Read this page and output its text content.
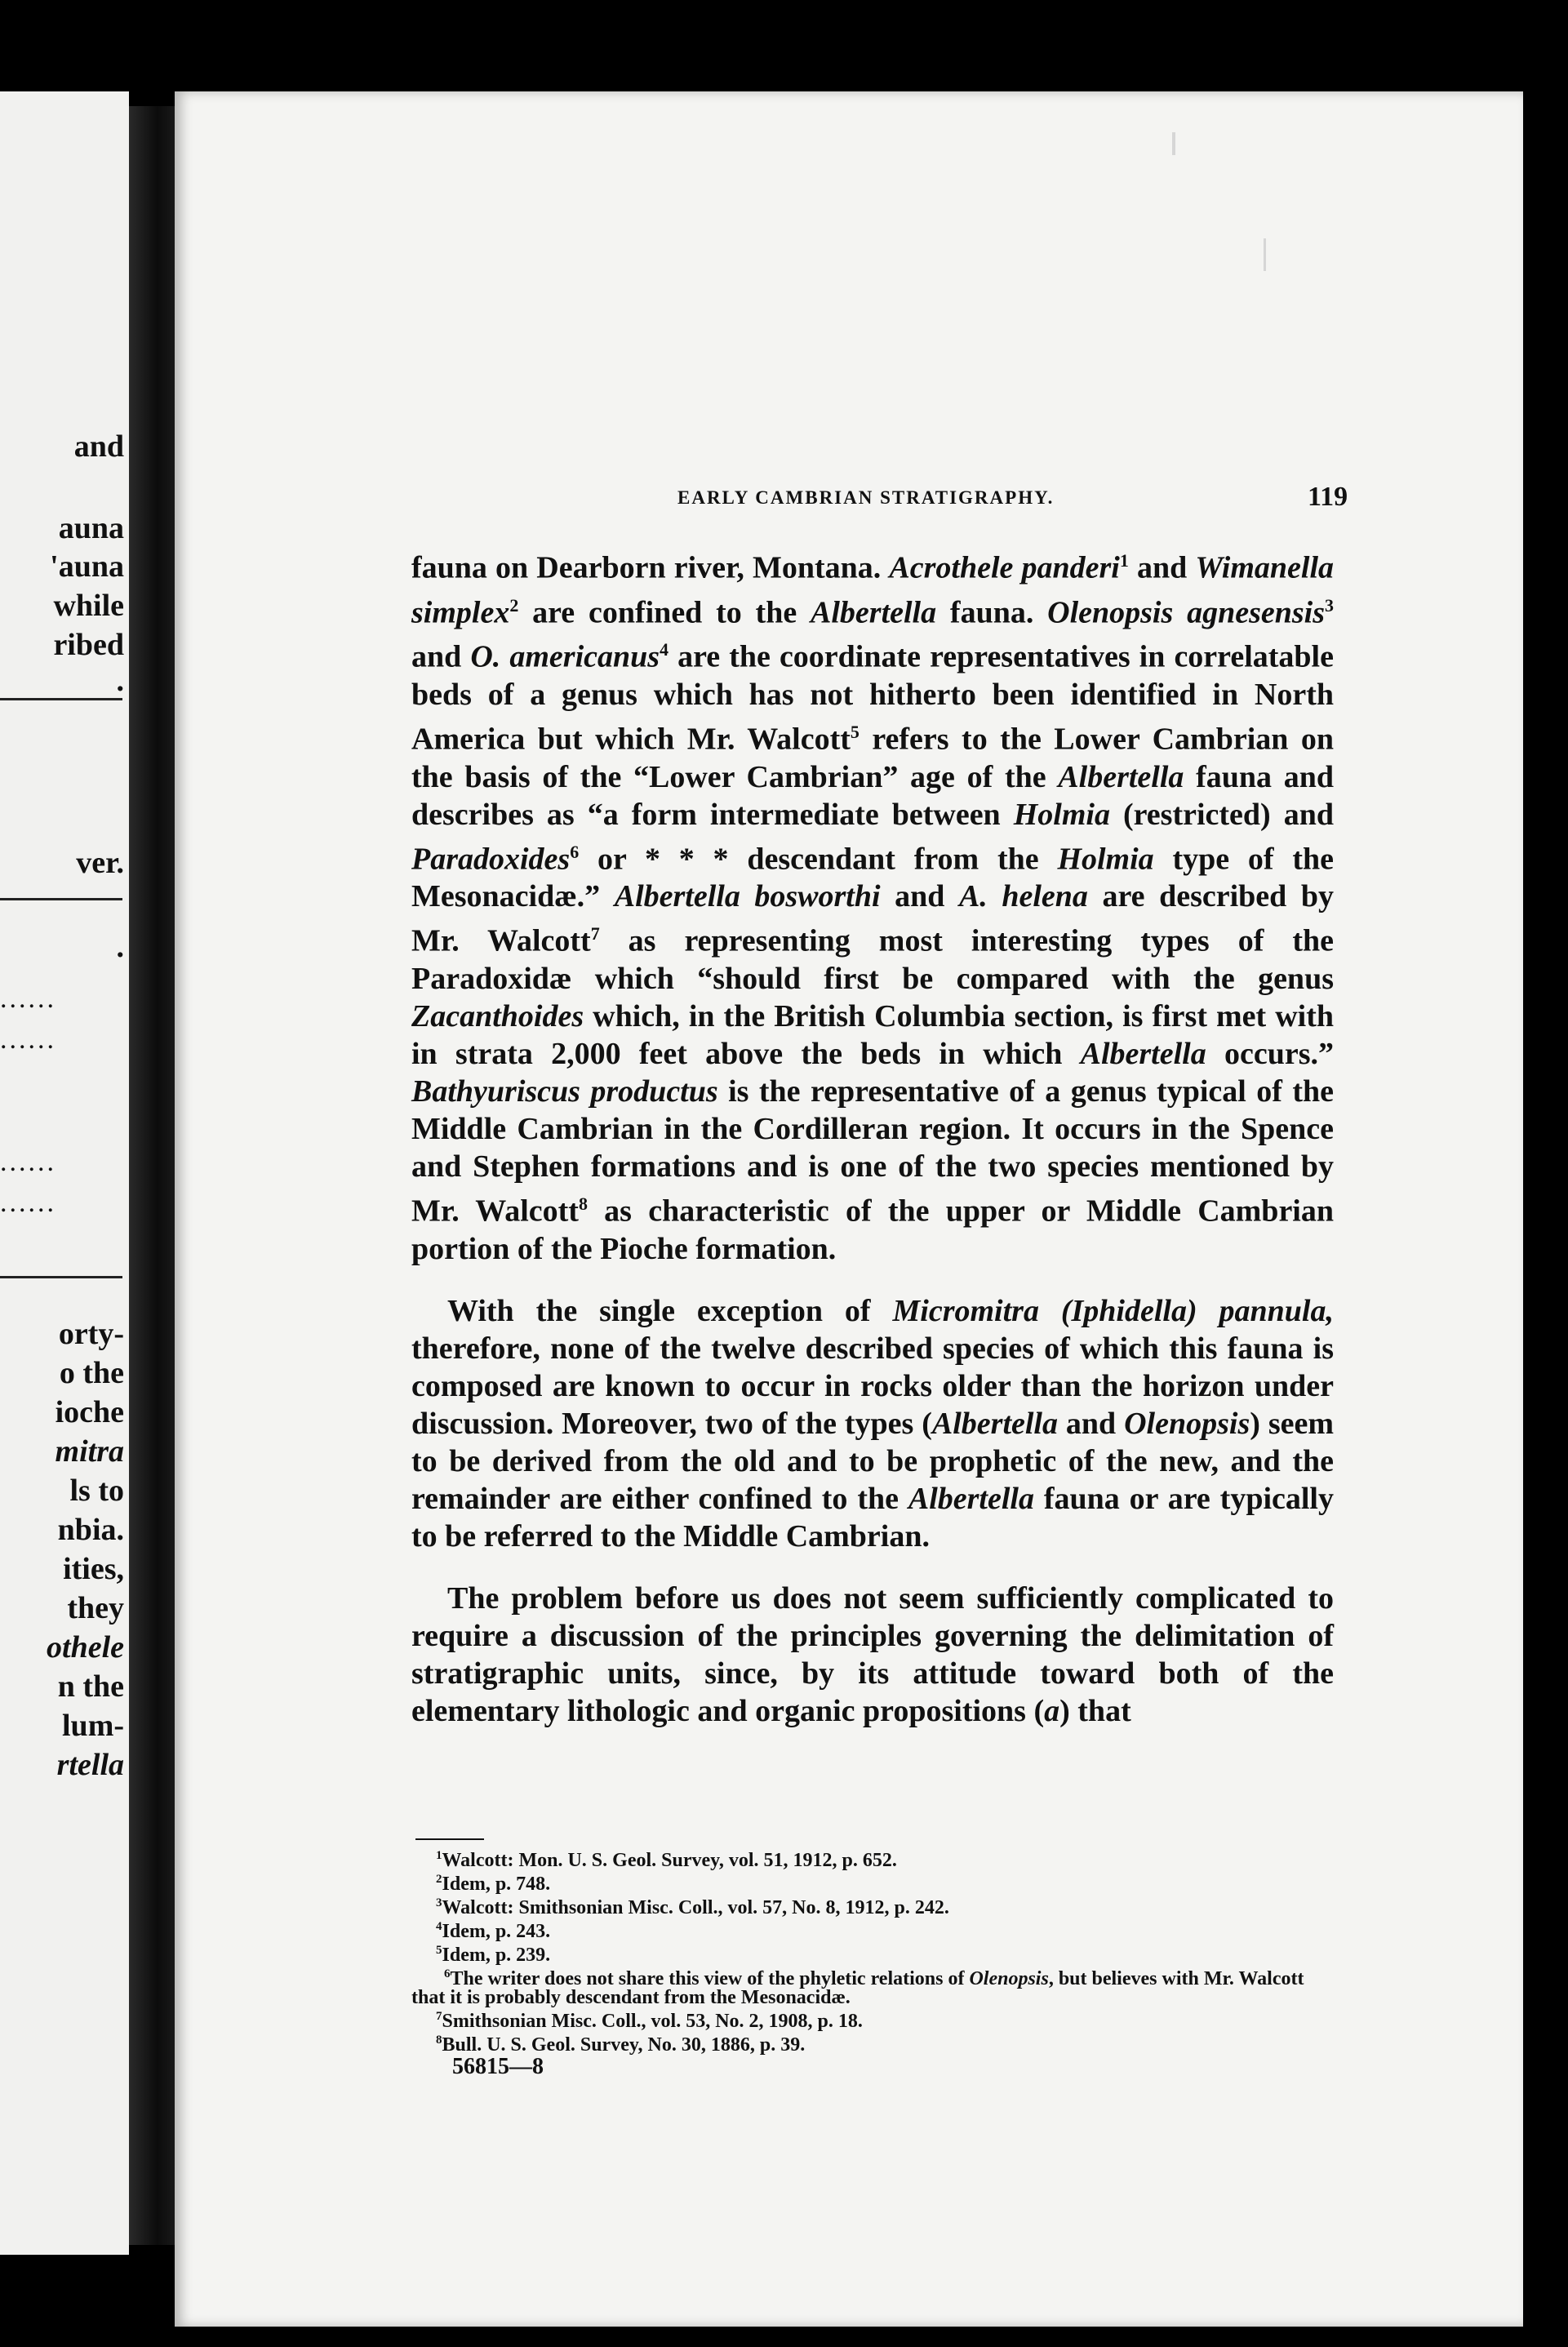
and
auna
'auna
while
ribed
.
ver.
.
orty-
o the
ioche
mitra
ls to
nbia.
ities,
they
othele
n the
lum-
rtella
......
......
......
......
EARLY CAMBRIAN STRATIGRAPHY.	119

fauna on Dearborn river, Montana. Acrothele panderi$^1$ and Wimanella simplex$^2$ are confined to the Albertella fauna. Olenopsis agnesensis$^3$ and O. americanus$^4$ are the coordinate representatives in correlatable beds of a genus which has not hitherto been identified in North America but which Mr. Walcott$^5$ refers to the Lower Cambrian on the basis of the “Lower Cambrian” age of the Albertella fauna and describes as “a form intermediate between Holmia (restricted) and Paradoxides$^6$ or * * * descendant from the Holmia type of the Mesonacidæ.” Albertella bosworthi and A. helena are described by Mr. Walcott$^7$ as representing most interesting types of the Paradoxidæ which “should first be compared with the genus Zacanthoides which, in the British Columbia section, is first met with in strata 2,000 feet above the beds in which Albertella occurs.” Bathyuriscus productus is the representative of a genus typical of the Middle Cambrian in the Cordilleran region. It occurs in the Spence and Stephen formations and is one of the two species mentioned by Mr. Walcott$^8$ as characteristic of the upper or Middle Cambrian portion of the Pioche formation.

With the single exception of Micromitra (Iphidella) pannula, therefore, none of the twelve described species of which this fauna is composed are known to occur in rocks older than the horizon under discussion. Moreover, two of the types (Albertella and Olenopsis) seem to be derived from the old and to be prophetic of the new, and the remainder are either confined to the Albertella fauna or are typically to be referred to the Middle Cambrian.

The problem before us does not seem sufficiently complicated to require a discussion of the principles governing the delimitation of stratigraphic units, since, by its attitude toward both of the elementary lithologic and organic propositions (a) that

$^1$Walcott: Mon. U. S. Geol. Survey, vol. 51, 1912, p. 652.
$^2$Idem, p. 748.
$^3$Walcott: Smithsonian Misc. Coll., vol. 57, No. 8, 1912, p. 242.
$^4$Idem, p. 243.
$^5$Idem, p. 239.
$^6$The writer does not share this view of the phyletic relations of Olenopsis, but believes with Mr. Walcott that it is probably descendant from the Mesonacidæ.
$^7$Smithsonian Misc. Coll., vol. 53, No. 2, 1908, p. 18.
$^8$Bull. U. S. Geol. Survey, No. 30, 1886, p. 39.
56815—8
